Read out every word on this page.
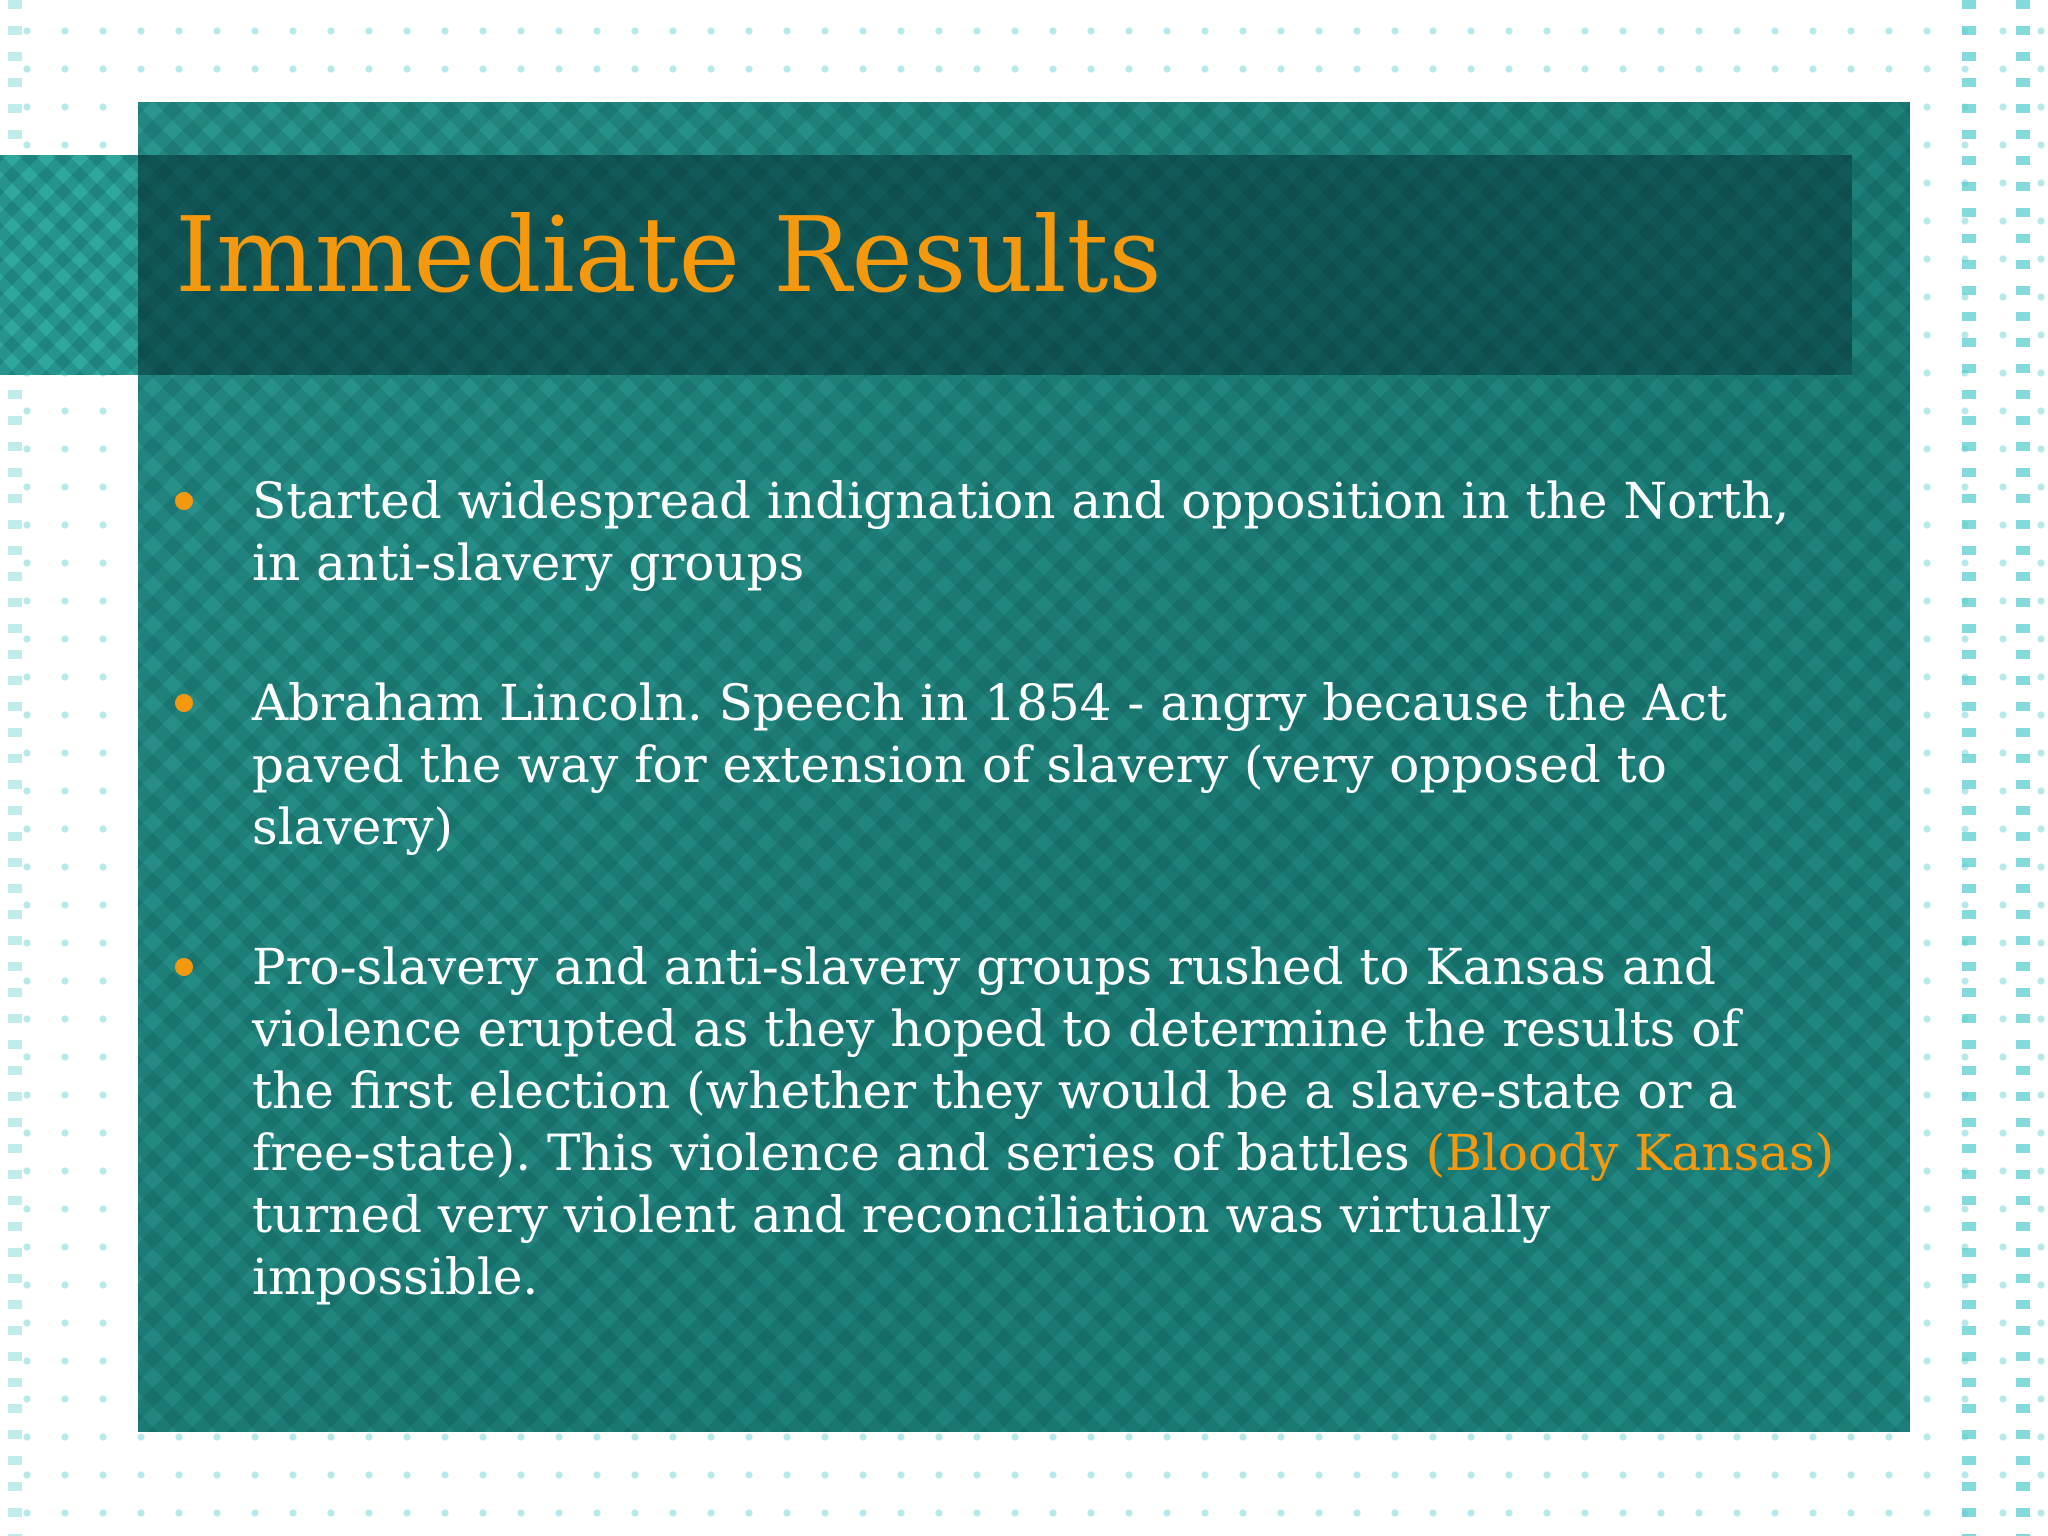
Immediate Results
Started widespread indignation and opposition in the North, in anti-slavery groups
Abraham Lincoln. Speech in 1854 - angry because the Act paved the way for extension of slavery (very opposed to slavery)
Pro-slavery and anti-slavery groups rushed to Kansas and violence erupted as they hoped to determine the results of the first election (whether they would be a slave-state or a free-state). This violence and series of battles (Bloody Kansas) turned very violent and reconciliation was virtually impossible.
